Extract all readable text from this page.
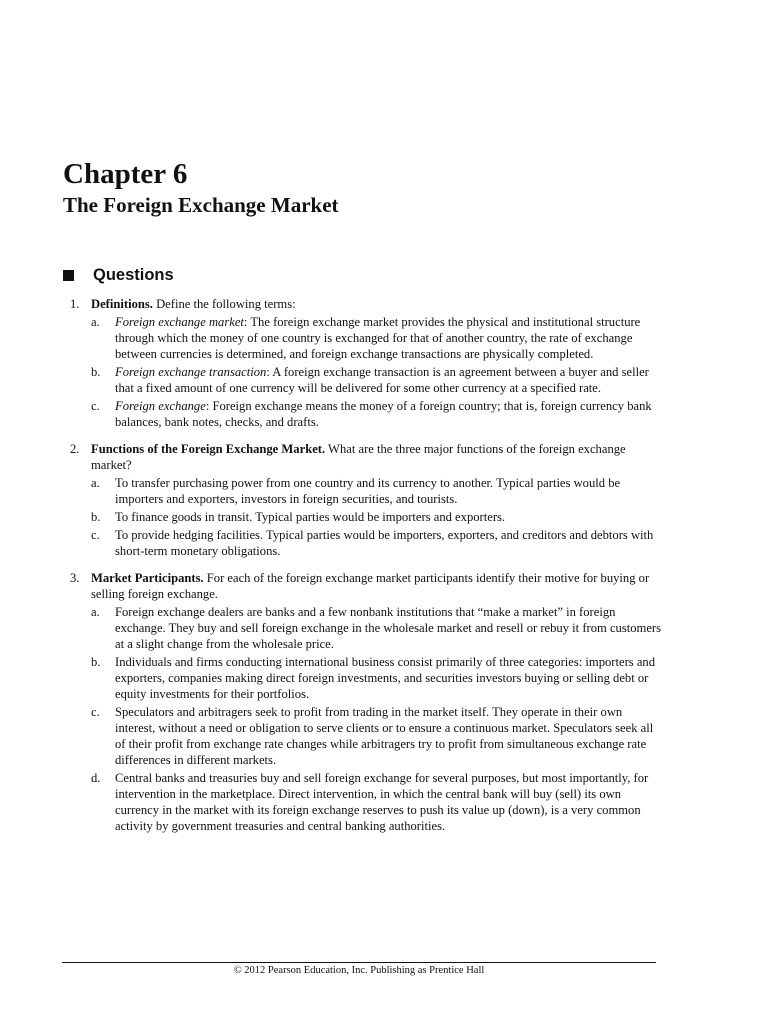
Chapter 6
The Foreign Exchange Market
Questions
1. Definitions. Define the following terms:
a. Foreign exchange market: The foreign exchange market provides the physical and institutional structure through which the money of one country is exchanged for that of another country, the rate of exchange between currencies is determined, and foreign exchange transactions are physically completed.
b. Foreign exchange transaction: A foreign exchange transaction is an agreement between a buyer and seller that a fixed amount of one currency will be delivered for some other currency at a specified rate.
c. Foreign exchange: Foreign exchange means the money of a foreign country; that is, foreign currency bank balances, bank notes, checks, and drafts.
2. Functions of the Foreign Exchange Market. What are the three major functions of the foreign exchange market?
a. To transfer purchasing power from one country and its currency to another. Typical parties would be importers and exporters, investors in foreign securities, and tourists.
b. To finance goods in transit. Typical parties would be importers and exporters.
c. To provide hedging facilities. Typical parties would be importers, exporters, and creditors and debtors with short-term monetary obligations.
3. Market Participants. For each of the foreign exchange market participants identify their motive for buying or selling foreign exchange.
a. Foreign exchange dealers are banks and a few nonbank institutions that “make a market” in foreign exchange. They buy and sell foreign exchange in the wholesale market and resell or rebuy it from customers at a slight change from the wholesale price.
b. Individuals and firms conducting international business consist primarily of three categories: importers and exporters, companies making direct foreign investments, and securities investors buying or selling debt or equity investments for their portfolios.
c. Speculators and arbitragers seek to profit from trading in the market itself. They operate in their own interest, without a need or obligation to serve clients or to ensure a continuous market. Speculators seek all of their profit from exchange rate changes while arbitragers try to profit from simultaneous exchange rate differences in different markets.
d. Central banks and treasuries buy and sell foreign exchange for several purposes, but most importantly, for intervention in the marketplace. Direct intervention, in which the central bank will buy (sell) its own currency in the market with its foreign exchange reserves to push its value up (down), is a very common activity by government treasuries and central banking authorities.
© 2012 Pearson Education, Inc. Publishing as Prentice Hall
